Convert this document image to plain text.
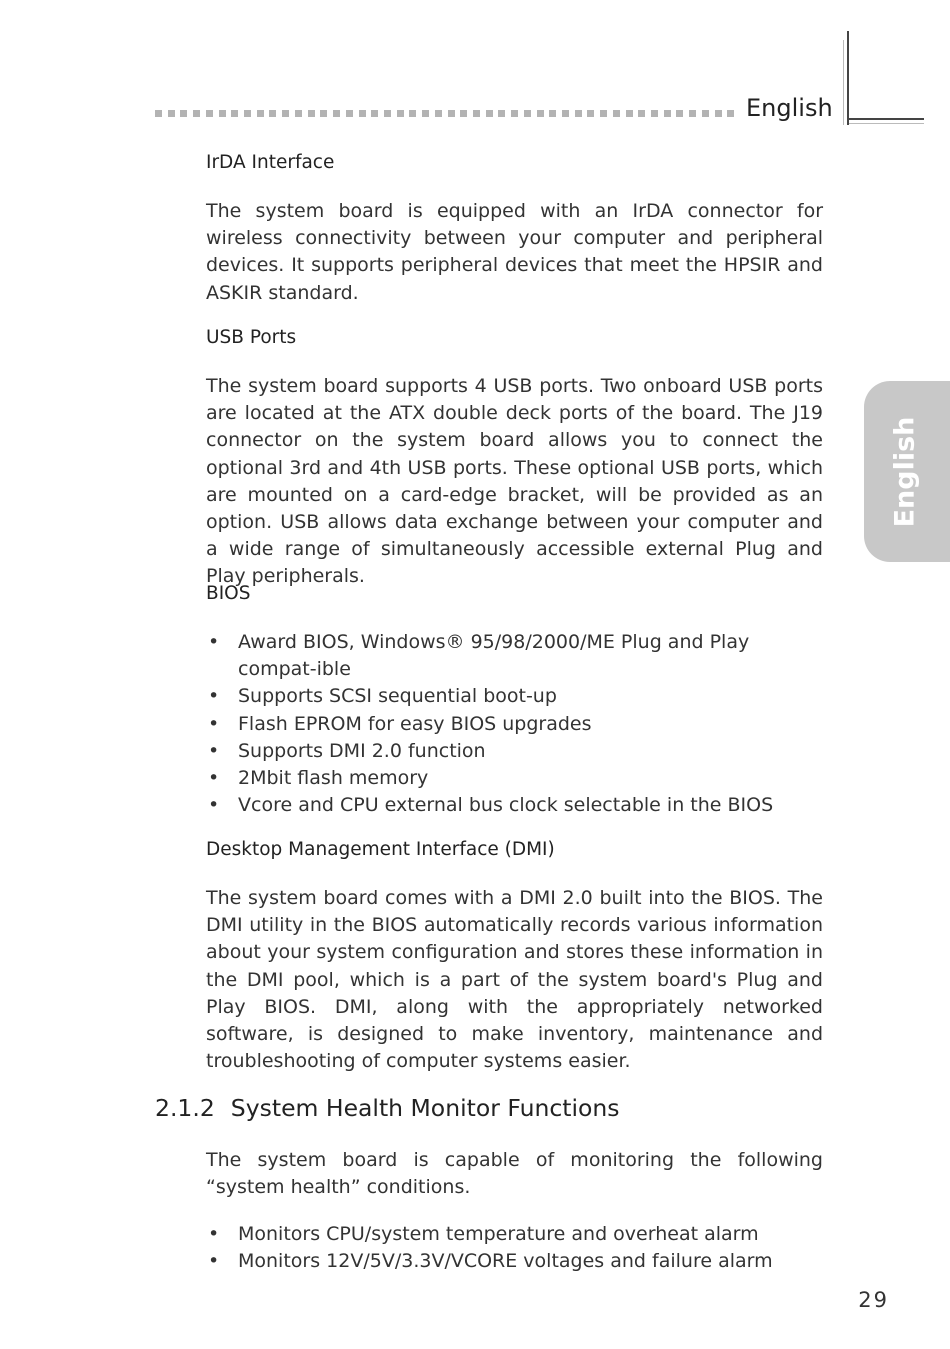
English
English
IrDA Interface

The system board is equipped with an IrDA connector for wireless connectivity between your computer and peripheral devices. It supports peripheral devices that meet the HPSIR and ASKIR standard.

USB Ports

The system board supports 4 USB ports. Two onboard USB ports are located at the ATX double deck ports of the board. The J19 connector on the system board allows you to connect the optional 3rd and 4th USB ports. These optional USB ports, which are mounted on a card-edge bracket, will be provided as an option. USB allows data exchange between your computer and a wide range of simultaneously accessible external Plug and Play peripherals.

BIOS
• Award BIOS, Windows® 95/98/2000/ME Plug and Play compat-ible
• Supports SCSI sequential boot-up
• Flash EPROM for easy BIOS upgrades
• Supports DMI 2.0 function
• 2Mbit flash memory
• Vcore and CPU external bus clock selectable in the BIOS
Desktop Management Interface (DMI)

The system board comes with a DMI 2.0 built into the BIOS. The DMI utility in the BIOS automatically records various information about your system configuration and stores these information in the DMI pool, which is a part of the system board's Plug and Play BIOS. DMI, along with the appropriately networked software, is designed to make inventory, maintenance and troubleshooting of computer systems easier.

2.1.2 System Health Monitor Functions

The system board is capable of monitoring the following “system health” conditions.

• Monitors CPU/system temperature and overheat alarm
• Monitors 12V/5V/3.3V/VCORE voltages and failure alarm
29
